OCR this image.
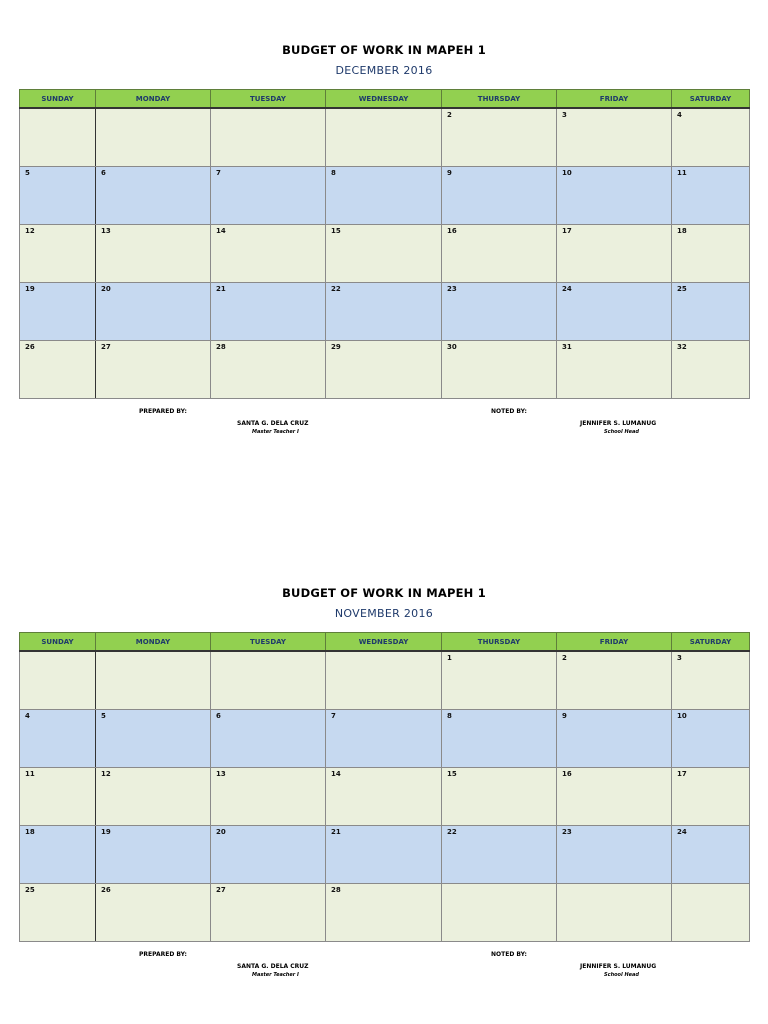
BUDGET OF WORK IN MAPEH 1
DECEMBER 2016
SUNDAY	MONDAY	TUESDAY	WEDNESDAY	THURSDAY	FRIDAY	SATURDAY

				2	3	4

5	6	7	8	9	10	11

12	13	14	15	16	17	18

19	20	21	22	23	24	25

26	27	28	29	30	31	32
PREPARED BY:
SANTA G. DELA CRUZ
Master Teacher I
NOTED BY:
JENNIFER S. LUMANUG
School Head
BUDGET OF WORK IN MAPEH 1
NOVEMBER 2016
SUNDAY	MONDAY	TUESDAY	WEDNESDAY	THURSDAY	FRIDAY	SATURDAY

				1	2	3

4	5	6	7	8	9	10

11	12	13	14	15	16	17

18	19	20	21	22	23	24

25	26	27	28			

PREPARED BY:
SANTA G. DELA CRUZ
Master Teacher I
NOTED BY:
JENNIFER S. LUMANUG
School Head
